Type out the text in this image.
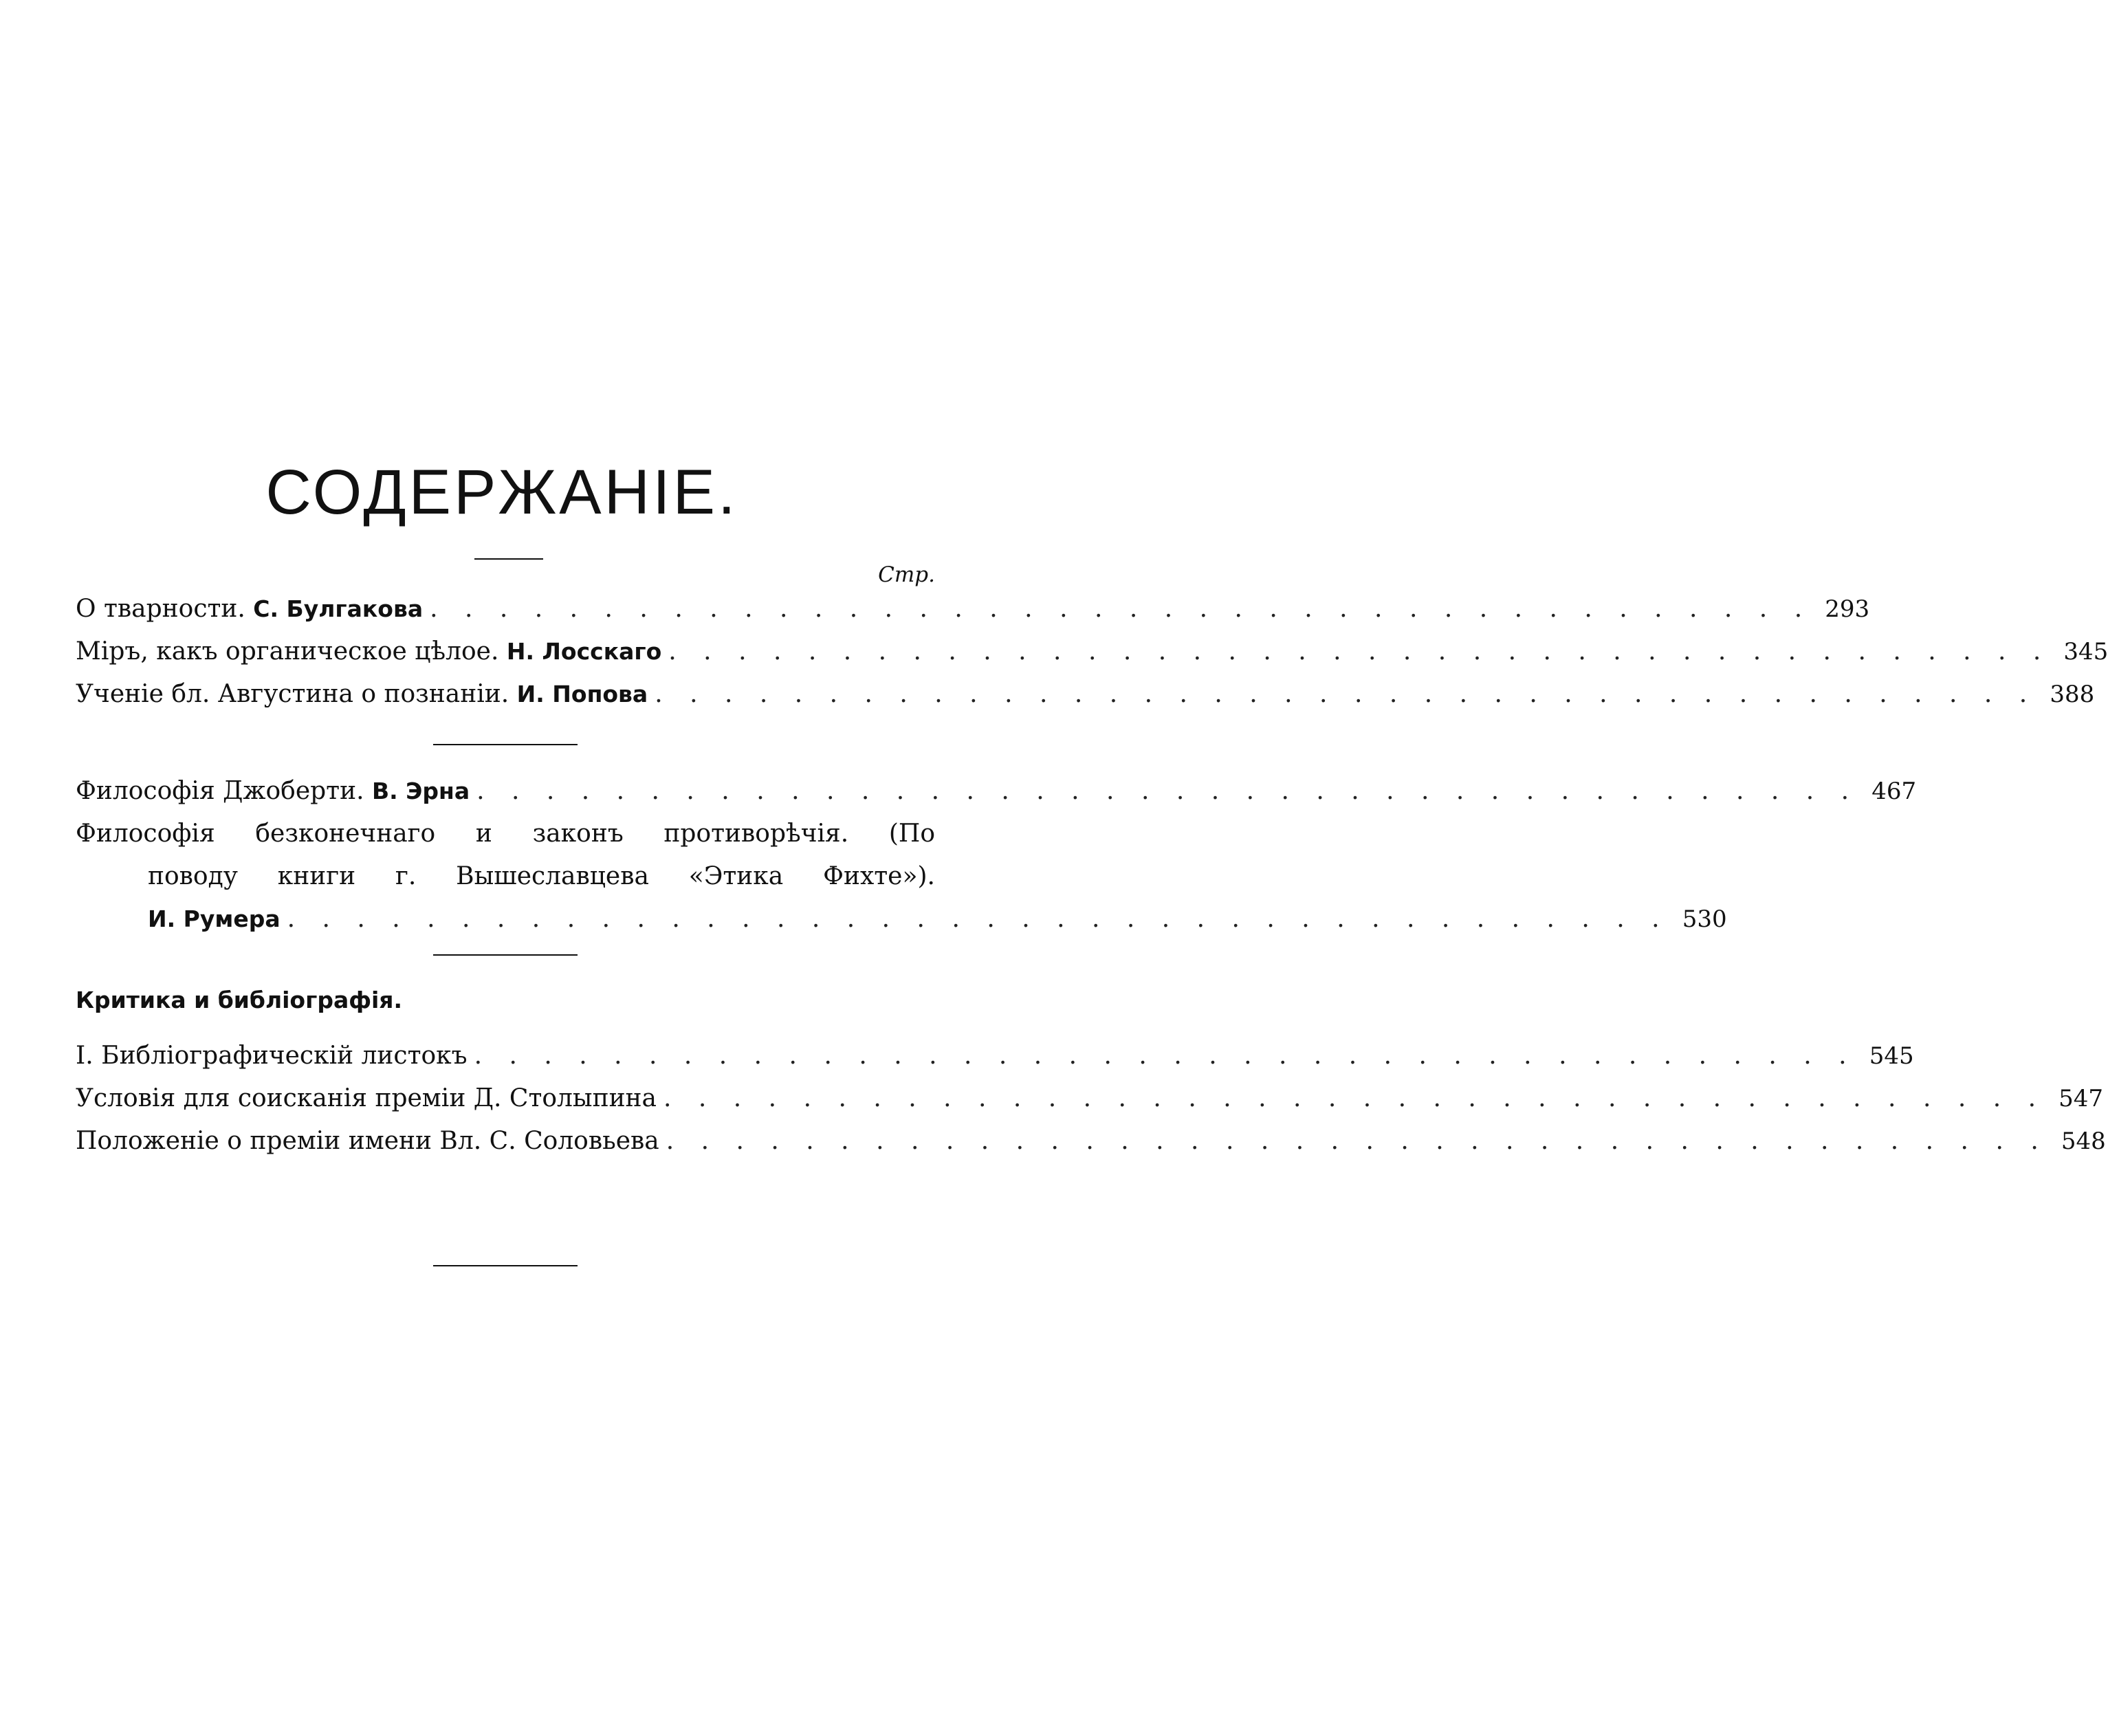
СОДЕРЖАНІЕ.
Стр.
О тварности. С. Булгакова . . . . . . . . . . . . . . . . . . . . . . . . . . . . . . . . . . . . . . . . 293
Міръ, какъ органическое цѣлое. Н. Лосскаго . . . . . . . . . . . . . . . . . . . . . . . . . . . . . . . . . . . . . . . . 345
Ученіе бл. Августина о познаніи. И. Попова . . . . . . . . . . . . . . . . . . . . . . . . . . . . . . . . . . . . . . . . 388
Философія Джоберти. В. Эрна . . . . . . . . . . . . . . . . . . . . . . . . . . . . . . . . . . . . . . . . 467
Философія безконечнаго и законъ противорѣчія. (По
поводу книги г. Вышеславцева «Этика Фихте»).
И. Румера . . . . . . . . . . . . . . . . . . . . . . . . . . . . . . . . . . . . . . . . 530
Критика и библіографія.
I. Библіографическій листокъ . . . . . . . . . . . . . . . . . . . . . . . . . . . . . . . . . . . . . . . . 545
Условія для соисканія преміи Д. Столыпина . . . . . . . . . . . . . . . . . . . . . . . . . . . . . . . . . . . . . . . . 547
Положеніе о преміи имени Вл. С. Соловьева . . . . . . . . . . . . . . . . . . . . . . . . . . . . . . . . . . . . . . . . 548
